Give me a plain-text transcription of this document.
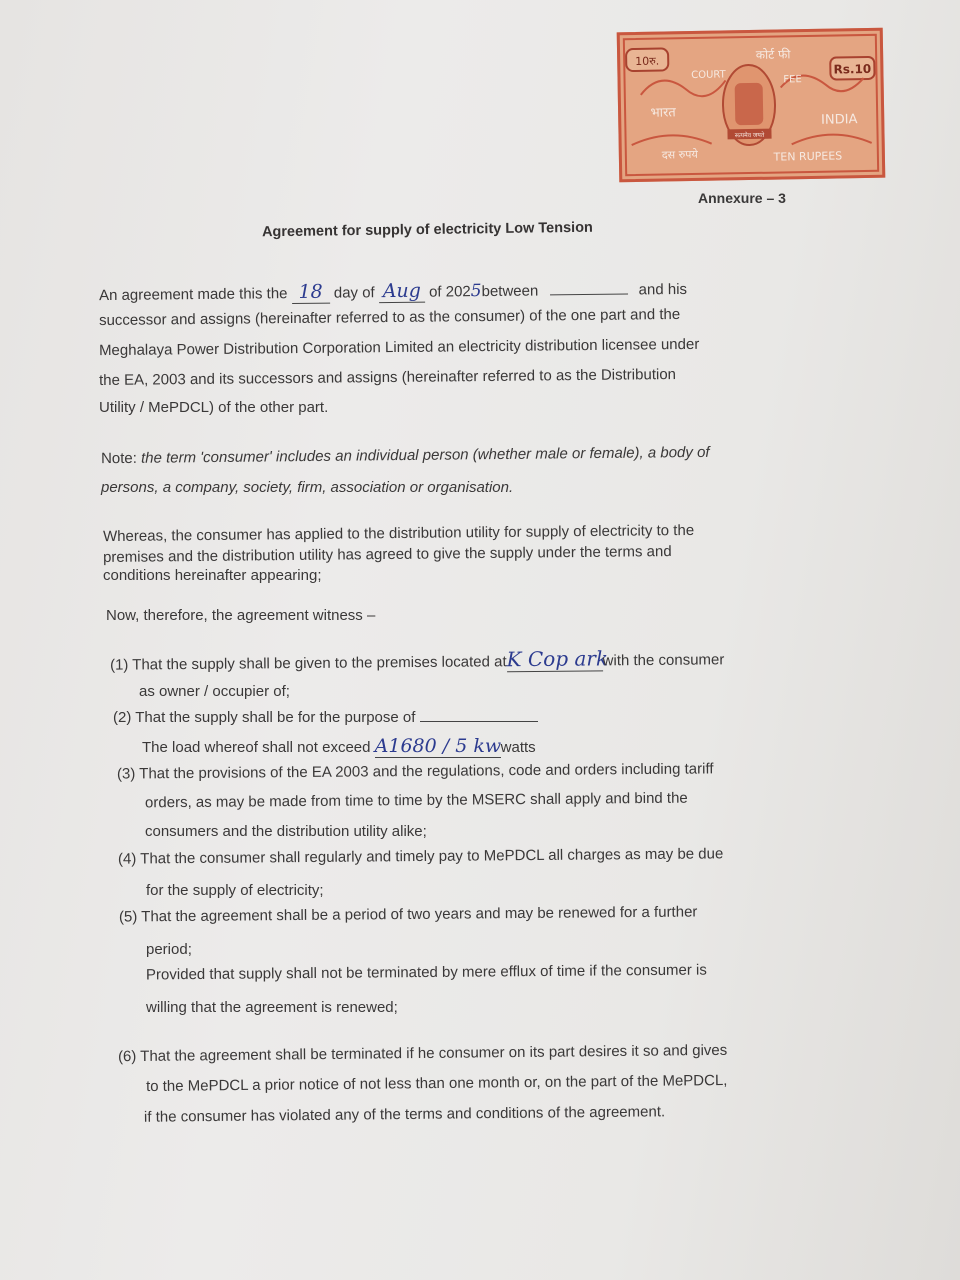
10रु.
Rs.10
कोर्ट फी
COURT	FEE
भारत	INDIA
सत्यमेव जयते
दस रुपये	TEN RUPEES
Annexure – 3
Agreement for supply of electricity Low Tension
An agreement made this the 18 day of Aug of 2025between	and his
successor and assigns (hereinafter referred to as the consumer) of the one part and the
Meghalaya Power Distribution Corporation Limited an electricity distribution licensee under
the EA, 2003 and its successors and assigns (hereinafter referred to as the Distribution
Utility / MePDCL) of the other part.
Note: the term 'consumer' includes an individual person (whether male or female), a body of
persons, a company, society, firm, association or organisation.
Whereas, the consumer has applied to the distribution utility for supply of electricity to the
premises and the distribution utility has agreed to give the supply under the terms and
conditions hereinafter appearing;
Now, therefore, the agreement witness –
(1) That the supply shall be given to the premises located atK Cop arkwith the consumer
as owner / occupier of;
(2) That the supply shall be for the purpose of
The load whereof shall not exceed A1680 / 5 kwwatts
(3) That the provisions of the EA 2003 and the regulations, code and orders including tariff
orders, as may be made from time to time by the MSERC shall apply and bind the
consumers and the distribution utility alike;
(4) That the consumer shall regularly and timely pay to MePDCL all charges as may be due
for the supply of electricity;
(5) That the agreement shall be a period of two years and may be renewed for a further
period;
Provided that supply shall not be terminated by mere efflux of time if the consumer is
willing that the agreement is renewed;
(6) That the agreement shall be terminated if he consumer on its part desires it so and gives
to the MePDCL a prior notice of not less than one month or, on the part of the MePDCL,
if the consumer has violated any of the terms and conditions of the agreement.
